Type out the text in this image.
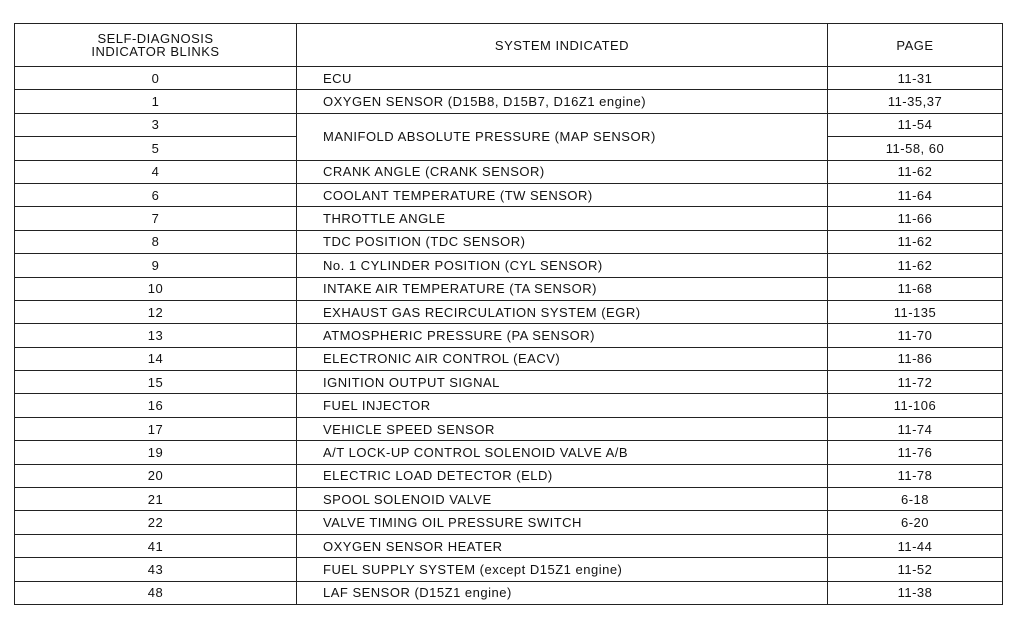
SELF-DIAGNOSIS
INDICATOR BLINKS	SYSTEM INDICATED	PAGE
0	ECU	11-31
1	OXYGEN SENSOR (D15B8, D15B7, D16Z1 engine)	11-35,37
3	MANIFOLD ABSOLUTE PRESSURE (MAP SENSOR)	11-54
5		11-58, 60
4	CRANK ANGLE (CRANK SENSOR)	11-62
6	COOLANT TEMPERATURE (TW SENSOR)	11-64
7	THROTTLE ANGLE	11-66
8	TDC POSITION (TDC SENSOR)	11-62
9	No. 1 CYLINDER POSITION (CYL SENSOR)	11-62
10	INTAKE AIR TEMPERATURE (TA SENSOR)	11-68
12	EXHAUST GAS RECIRCULATION SYSTEM (EGR)	11-135
13	ATMOSPHERIC PRESSURE (PA SENSOR)	11-70
14	ELECTRONIC AIR CONTROL (EACV)	11-86
15	IGNITION OUTPUT SIGNAL	11-72
16	FUEL INJECTOR	11-106
17	VEHICLE SPEED SENSOR	11-74
19	A/T LOCK-UP CONTROL SOLENOID VALVE A/B	11-76
20	ELECTRIC LOAD DETECTOR (ELD)	11-78
21	SPOOL SOLENOID VALVE	6-18
22	VALVE TIMING OIL PRESSURE SWITCH	6-20
41	OXYGEN SENSOR HEATER	11-44
43	FUEL SUPPLY SYSTEM (except D15Z1 engine)	11-52
48	LAF SENSOR (D15Z1 engine)	11-38
